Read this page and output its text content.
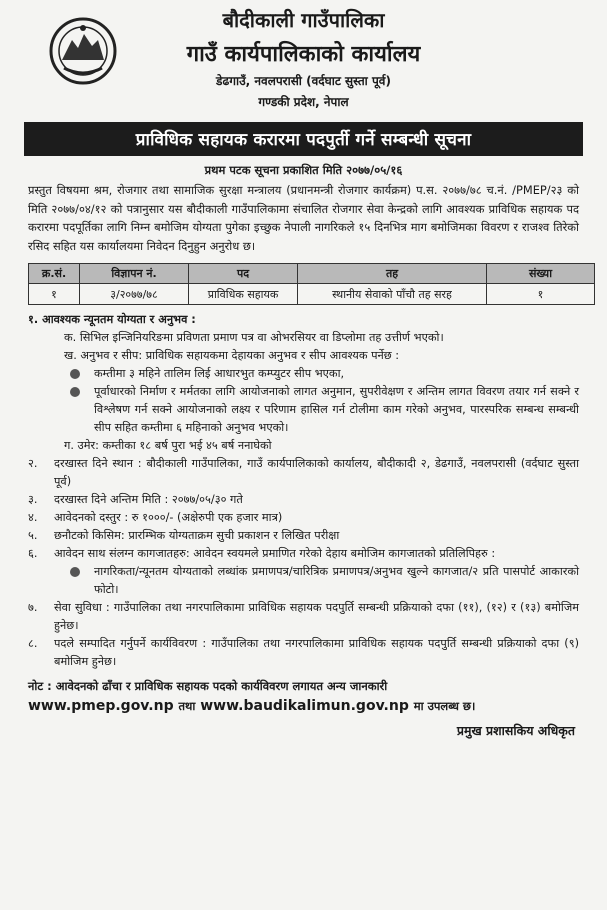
बौदीकाली गाउँपालिका
गाउँ कार्यपालिकाको कार्यालय
डेढगाउँ, नवलपरासी (वर्दघाट सुस्ता पूर्व)
गण्डकी प्रदेश, नेपाल
प्राविधिक सहायक करारमा पदपुर्ती गर्ने सम्बन्धी सूचना
प्रथम पटक सूचना प्रकाशित मिति २०७७/०५/१६
प्रस्तुत विषयमा श्रम, रोजगार तथा सामाजिक सुरक्षा मन्त्रालय (प्रधानमन्त्री रोजगार कार्यक्रम) प.स. २०७७/७८ च.नं. /PMEP/२३ को मिति २०७७/०४/१२ को पत्रानुसार यस बौदीकाली गाउँपालिकामा संचालित रोजगार सेवा केन्द्रको लागि आवश्यक प्राविधिक सहायक पद करारमा पदपूर्तिका लागि निम्न बमोजिम योग्यता पुगेका इच्छुक नेपाली नागरिकले १५ दिनभित्र माग बमोजिमका विवरण र राजश्व तिरेको रसिद सहित यस कार्यालयमा निवेदन दिनुहुन अनुरोध छ।
क्र.सं.	विज्ञापन नं.	पद	तह	संख्या
१	३/२०७७/७८	प्राविधिक सहायक	स्थानीय सेवाको पाँचौ तह सरह	१
१. आवश्यक न्यूनतम योग्यता र अनुभव :
क. सिभिल इन्जिनियरिङमा प्रविणता प्रमाण पत्र वा ओभरसियर वा डिप्लोमा तह उत्तीर्ण भएको।
ख. अनुभव र सीप: प्राविधिक सहायकमा देहायका अनुभव र सीप आवश्यक पर्नेछ :
कम्तीमा ३ महिने तालिम लिई आधारभुत कम्प्युटर सीप भएका,
पूर्वाधारको निर्माण र मर्मतका लागि आयोजनाको लागत अनुमान, सुपरीवेक्षण र अन्तिम लागत विवरण तयार गर्न सक्ने र विश्लेषण गर्न सक्ने आयोजनाको लक्ष्य र परिणाम हासिल गर्न टोलीमा काम गरेको अनुभव, पारस्परिक सम्बन्ध सम्बन्धी सीप सहित कम्तीमा ६ महिनाको अनुभव भएको।
ग. उमेर: कम्तीका १८ बर्ष पुरा भई ४५ बर्ष ननाघेको
२.	दरखास्त दिने स्थान : बौदीकाली गाउँपालिका, गाउँ कार्यपालिकाको कार्यालय, बौदीकादी २, डेढगाउँ, नवलपरासी (वर्दघाट सुस्ता पूर्व)
३.	दरखास्त दिने अन्तिम मिति : २०७७/०५/३० गते
४.	आवेदनको दस्तुर : रु १०००/- (अक्षेरुपी एक हजार मात्र)
५.	छनौटको किसिम: प्रारम्भिक योग्यताक्रम सुची प्रकाशन र लिखित परीक्षा
६.	आवेदन साथ संलग्न कागजातहरु: आवेदन स्वयमले प्रमाणित गरेको देहाय बमोजिम कागजातको प्रतिलिपिहरु :
नागरिकता/न्यूनतम योग्यताको लब्धांक प्रमाणपत्र/चारित्रिक प्रमाणपत्र/अनुभव खुल्ने कागजात/२ प्रति पासपोर्ट आकारको फोटो।
७.	सेवा सुविधा : गाउँपालिका तथा नगरपालिकामा प्राविधिक सहायक पदपुर्ति सम्बन्धी प्रक्रियाको दफा (११), (१२) र (१३) बमोजिम हुनेछ।
८.	पदले सम्पादित गर्नुपर्ने कार्यविवरण : गाउँपालिका तथा नगरपालिकामा प्राविधिक सहायक पदपुर्ति सम्बन्धी प्रक्रियाको दफा (९) बमोजिम हुनेछ।
नोट : आवेदनको ढाँचा र प्राविधिक सहायक पदको कार्यविवरण लगायत अन्य जानकारी
www.pmep.gov.np तथा www.baudikalimun.gov.np मा उपलब्ध छ।
प्रमुख प्रशासकिय अधिकृत
